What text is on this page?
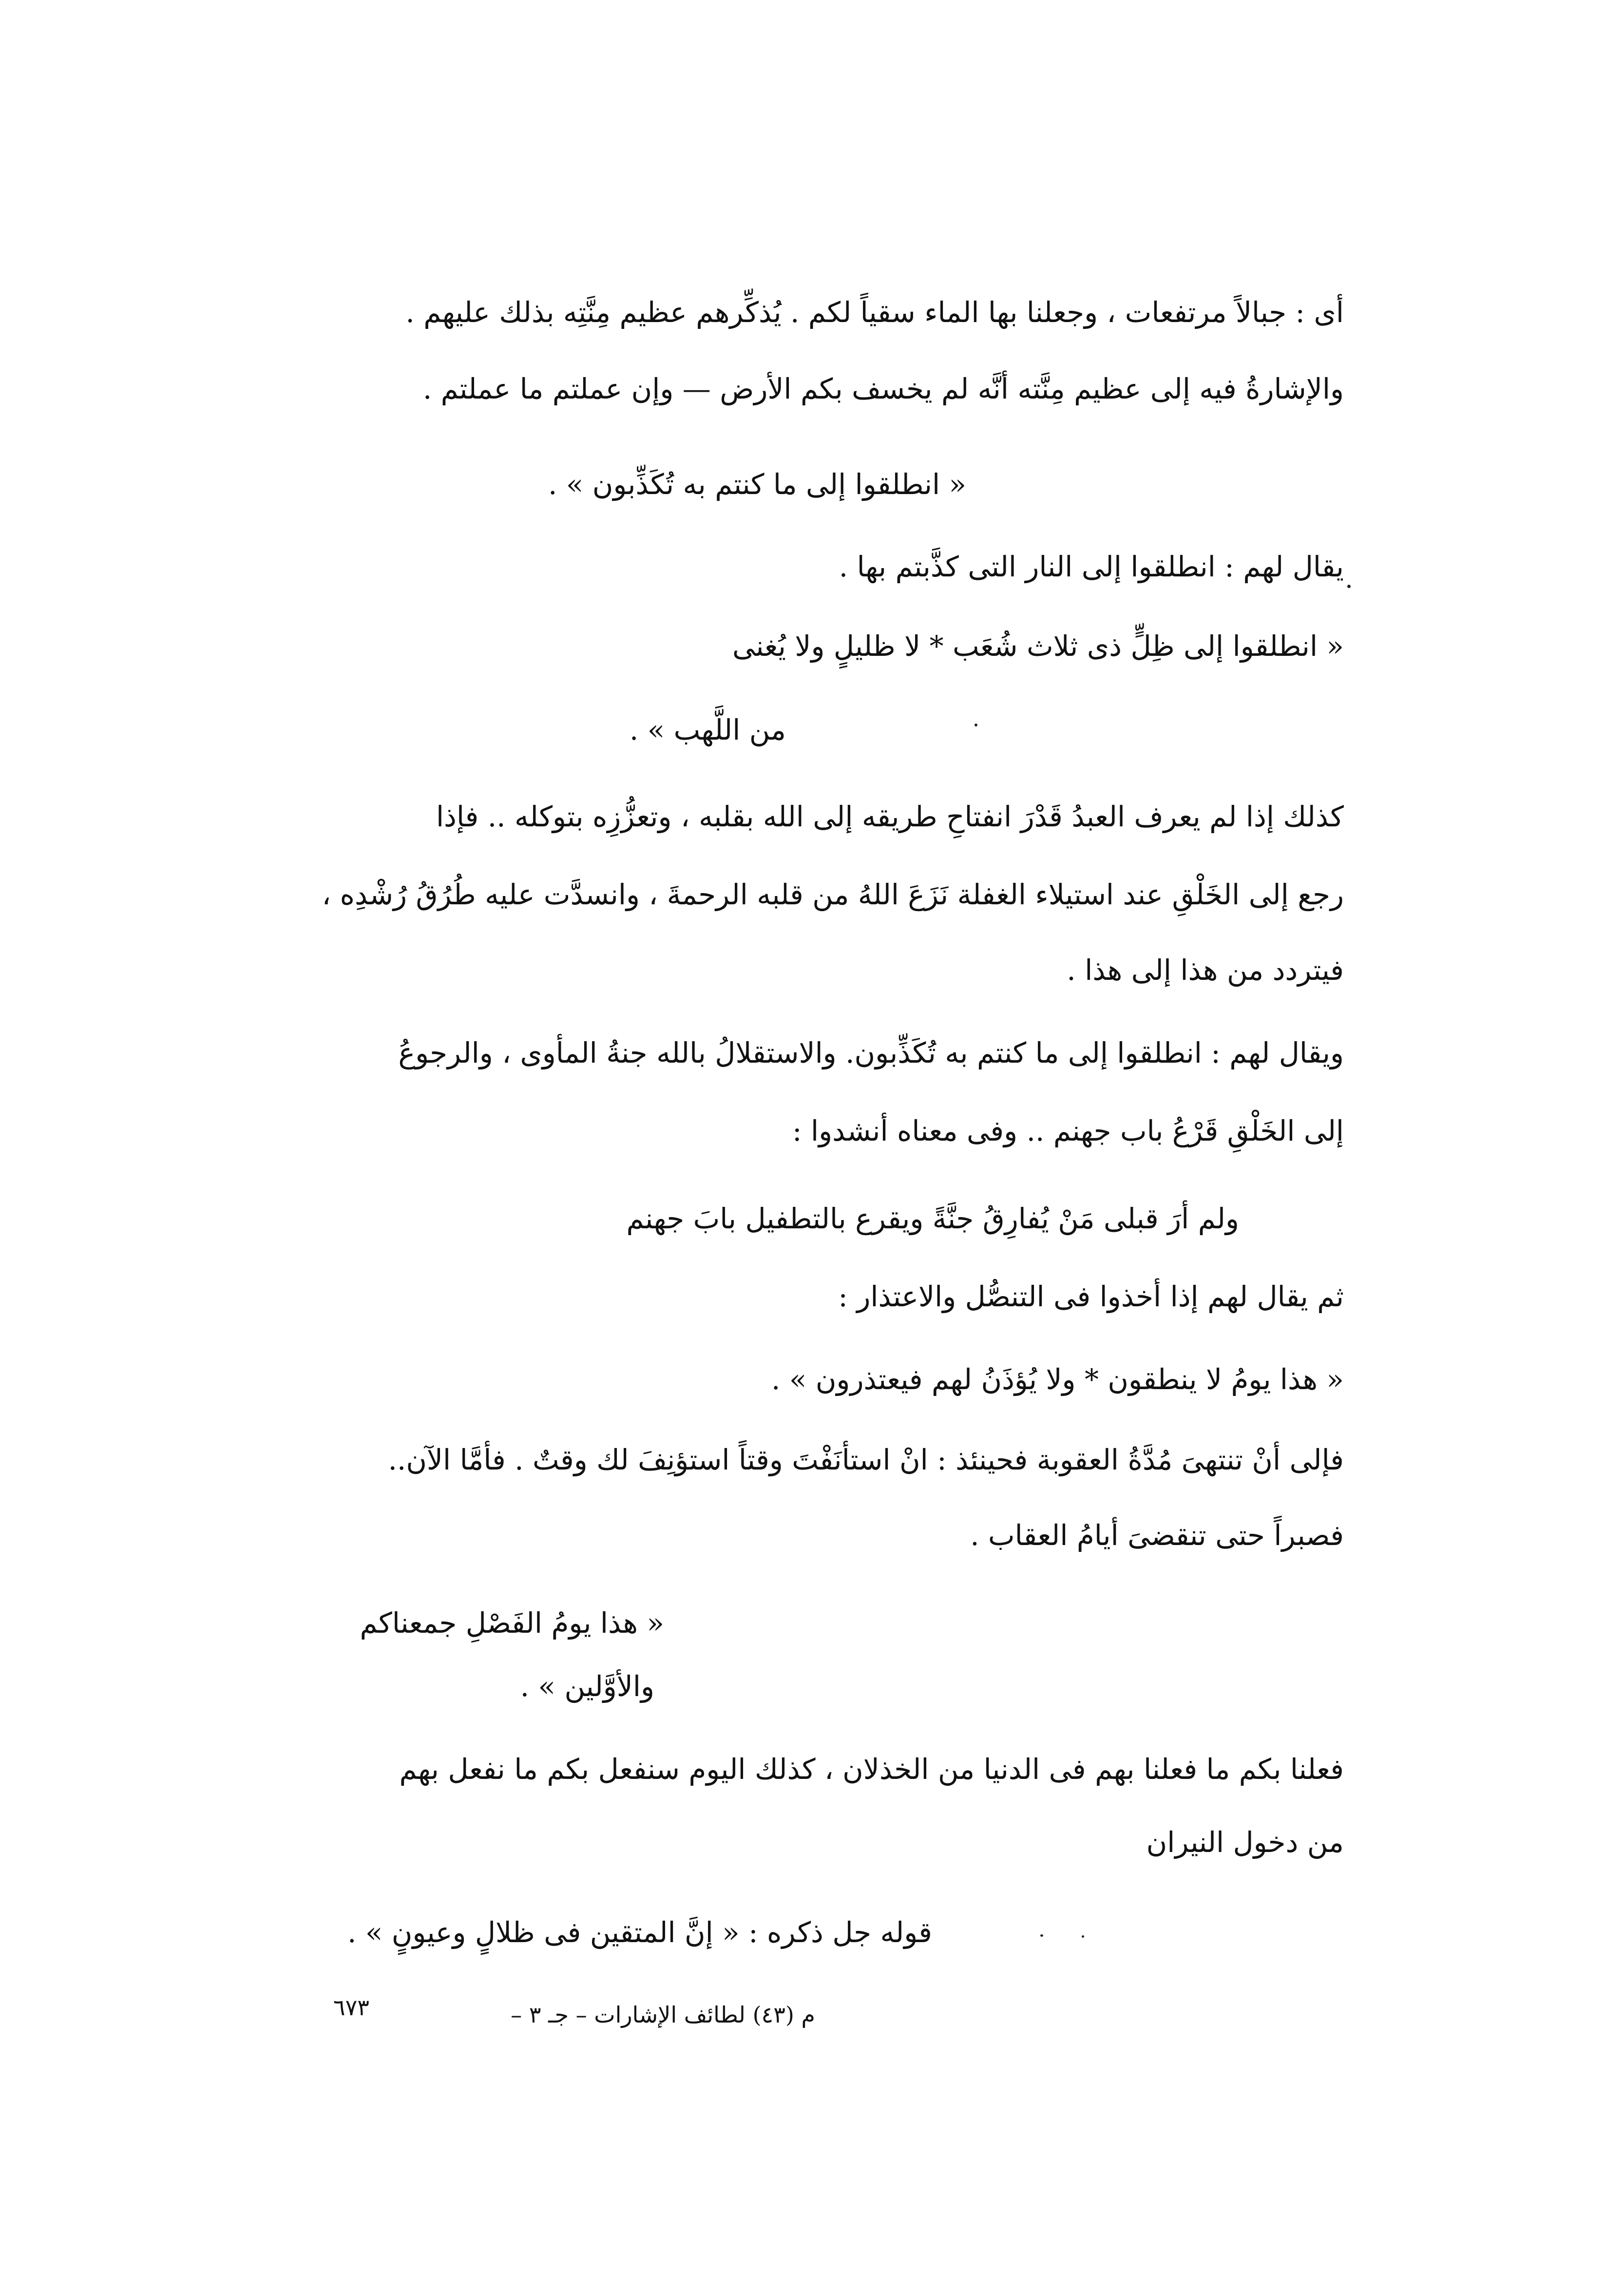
أى : جبالاً مرتفعات ، وجعلنا بها الماء سقياً لكم . يُذكِّرهم عظيم مِنَّتِه بذلك عليهم .
والإشارةُ فيه إلى عظيم مِنَّته أنَّه لم يخسف بكم الأرض — وإن عملتم ما عملتم .
« انطلقوا إلى ما كنتم به تُكَذِّبون » .
يقال لهم : انطلقوا إلى النار التى كذَّبتم بها .
« انطلقوا إلى ظِلٍّ ذى ثلاث شُعَب * لا ظليلٍ ولا يُغنى
من اللَّهب » .
كذلك إذا لم يعرف العبدُ قَدْرَ انفتاحِ طريقه إلى الله بقلبه ، وتعزُّزِه بتوكله .. فإذا
رجع إلى الخَلْقِ عند استيلاء الغفلة نَزَعَ اللهُ من قلبه الرحمةَ ، وانسدَّت عليه طُرُقُ رُشْدِه ،
فيتردد من هذا إلى هذا .
ويقال لهم : انطلقوا إلى ما كنتم به تُكَذِّبون. والاستقلالُ بالله جنةُ المأوى ، والرجوعُ
إلى الخَلْقِ قَرْعُ باب جهنم .. وفى معناه أنشدوا :
ولم أرَ قبلى مَنْ يُفارِقُ جنَّةً ويقرع بالتطفيل بابَ جهنم
ثم يقال لهم إذا أخذوا فى التنصُّل والاعتذار :
« هذا يومُ لا ينطقون * ولا يُؤذَنُ لهم فيعتذرون » .
فإلى أنْ تنتهىَ مُدَّةُ العقوبة فحينئذ : انْ استأنَفْتَ وقتاً استؤنِفَ لك وقتٌ . فأمَّا الآن..
فصبراً حتى تنقضىَ أيامُ العقاب .
« هذا يومُ الفَصْلِ جمعناكم
والأوَّلين » .
فعلنا بكم ما فعلنا بهم فى الدنيا من الخذلان ، كذلك اليوم سنفعل بكم ما نفعل بهم
من دخول النيران
قوله جل ذكره : « إنَّ المتقين فى ظلالٍ وعيونٍ » .
م (٤٣) لطائف الإشارات – جـ ٣ –
٦٧٣
